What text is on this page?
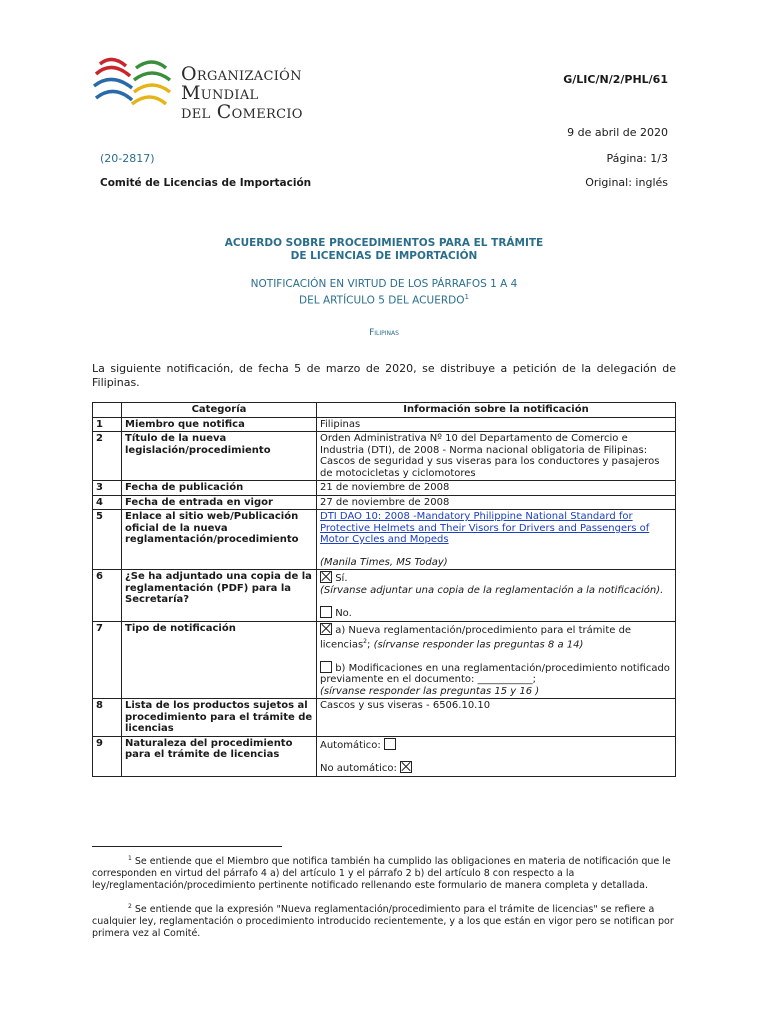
Organización
Mundial
del Comercio
G/LIC/N/2/PHL/61
9 de abril de 2020
(20-2817)	Página: 1/3
Comité de Licencias de Importación	Original: inglés
ACUERDO SOBRE PROCEDIMIENTOS PARA EL TRÁMITE
DE LICENCIAS DE IMPORTACIÓN
NOTIFICACIÓN EN VIRTUD DE LOS PÁRRAFOS 1 A 4
DEL ARTÍCULO 5 DEL ACUERDO$^1$
Filipinas
La siguiente notificación, de fecha 5 de marzo de 2020, se distribuye a petición de la delegación de Filipinas.
	Categoría	Información sobre la notificación
1	Miembro que notifica	Filipinas
2	Título de la nueva legislación/procedimiento	Orden Administrativa Nº 10 del Departamento de Comercio e Industria (DTI), de 2008 - Norma nacional obligatoria de Filipinas: Cascos de seguridad y sus viseras para los conductores y pasajeros de motocicletas y ciclomotores
3	Fecha de publicación	21 de noviembre de 2008
4	Fecha de entrada en vigor	27 de noviembre de 2008
5	Enlace al sitio web/Publicación oficial de la nueva reglamentación/procedimiento	DTI DAO 10: 2008 -Mandatory Philippine National Standard for Protective Helmets and Their Visors for Drivers and Passengers of Motor Cycles and Mopeds
(Manila Times, MS Today)
6	¿Se ha adjuntado una copia de la reglamentación (PDF) para la Secretaría?	Sí.
(Sírvanse adjuntar una copia de la reglamentación a la notificación).
No.
7	Tipo de notificación	a) Nueva reglamentación/procedimiento para el trámite de licencias$^2$; (sírvanse responder las preguntas 8 a 14)
b) Modificaciones en una reglamentación/procedimiento notificado previamente en el documento: ___________;
(sírvanse responder las preguntas 15 y 16 )
8	Lista de los productos sujetos al procedimiento para el trámite de licencias	Cascos y sus viseras - 6506.10.10
9	Naturaleza del procedimiento para el trámite de licencias	Automático:
No automático:
$^1$ Se entiende que el Miembro que notifica también ha cumplido las obligaciones en materia de notificación que le corresponden en virtud del párrafo 4 a) del artículo 1 y el párrafo 2 b) del artículo 8 con respecto a la ley/reglamentación/procedimiento pertinente notificado rellenando este formulario de manera completa y detallada.
$^2$ Se entiende que la expresión "Nueva reglamentación/procedimiento para el trámite de licencias" se refiere a cualquier ley, reglamentación o procedimiento introducido recientemente, y a los que están en vigor pero se notifican por primera vez al Comité.
